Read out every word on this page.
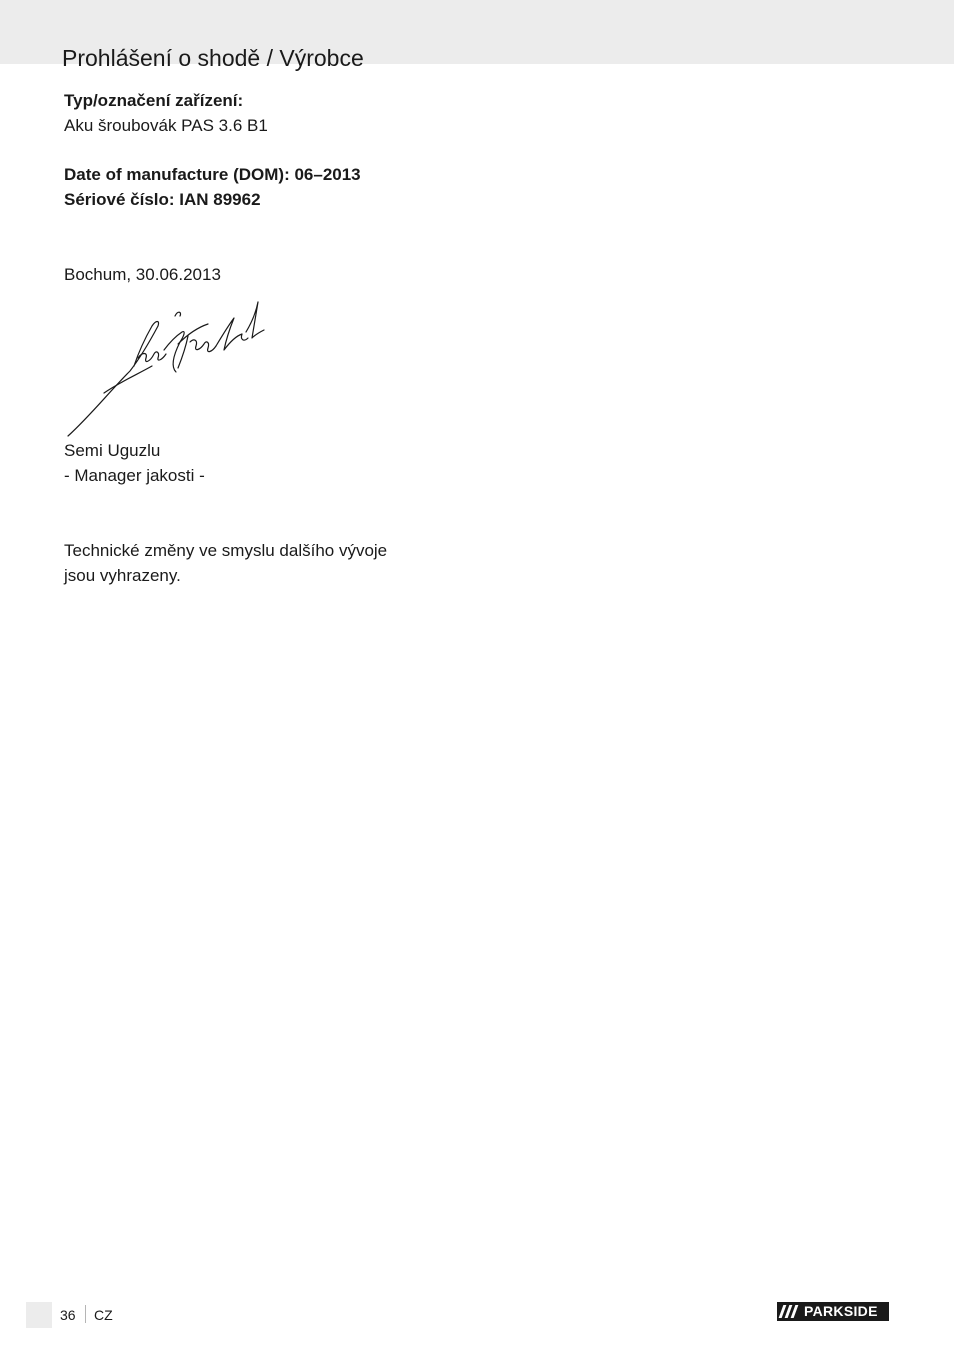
Prohlášení o shodě / Výrobce
Typ/označení zařízení:
Aku šroubovák PAS 3.6 B1
Date of manufacture (DOM): 06–2013
Sériové číslo: IAN 89962
Bochum, 30.06.2013
Semi Uguzlu
- Manager jakosti -
Technické změny ve smyslu dalšího vývoje
jsou vyhrazeny.
36 CZ	PARKSIDE
